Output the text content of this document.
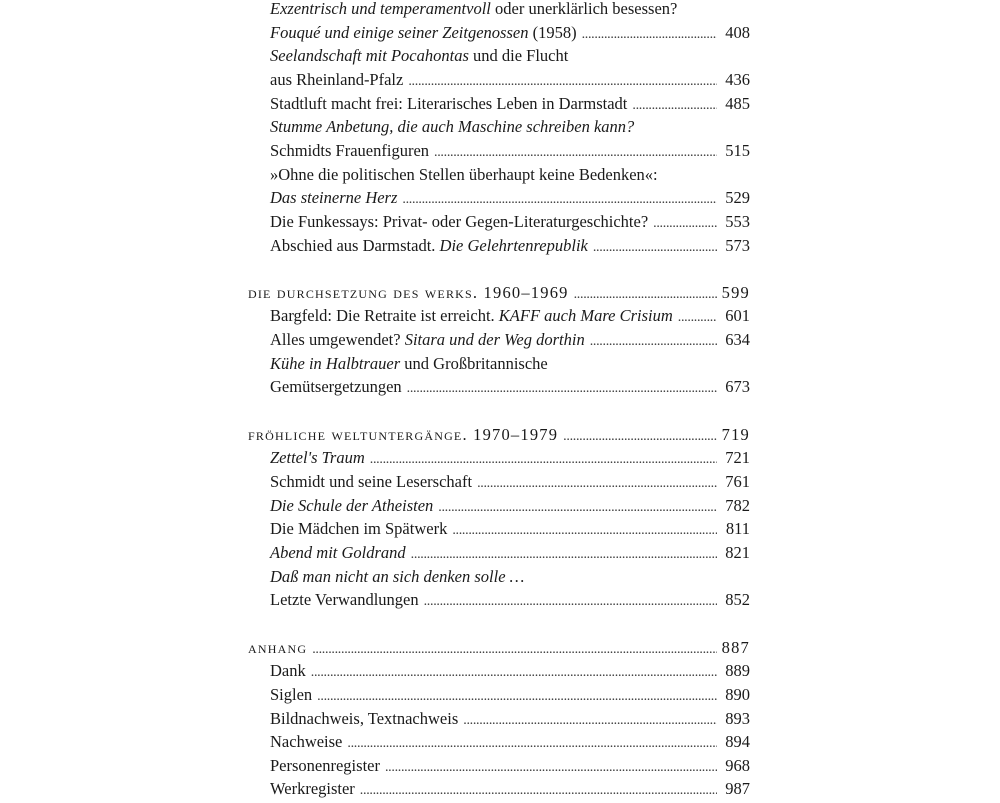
Exzentrisch und temperamentvoll oder unerklärlich besessen?
Fouqué und einige seiner Zeitgenossen (1958) . . .	408
Seelandschaft mit Pocahontas und die Flucht
aus Rheinland-Pfalz . . .	436
Stadtluft macht frei: Literarisches Leben in Darmstadt . . .	485
Stumme Anbetung, die auch Maschine schreiben kann?
Schmidts Frauenfiguren . . .	515
»Ohne die politischen Stellen überhaupt keine Bedenken«:
Das steinerne Herz . . .	529
Die Funkessays: Privat- oder Gegen-Literaturgeschichte? . . .	553
Abschied aus Darmstadt. Die Gelehrtenrepublik . . .	573
die durchsetzung des werks. 1960–1969 . . .	599
Bargfeld: Die Retraite ist erreicht. KAFF auch Mare Crisium . . .	601
Alles umgewendet? Sitara und der Weg dorthin . . .	634
Kühe in Halbtrauer und Großbritannische
Gemütsergetzungen . . .	673
fröhliche weltuntergänge. 1970–1979 . . .	719
Zettel's Traum . . .	721
Schmidt und seine Leserschaft . . .	761
Die Schule der Atheisten . . .	782
Die Mädchen im Spätwerk . . .	811
Abend mit Goldrand . . .	821
Daß man nicht an sich denken solle …
Letzte Verwandlungen . . .	852
anhang . . .	887
Dank . . .	889
Siglen . . .	890
Bildnachweis, Textnachweis . . .	893
Nachweise . . .	894
Personenregister . . .	968
Werkregister . . .	987
